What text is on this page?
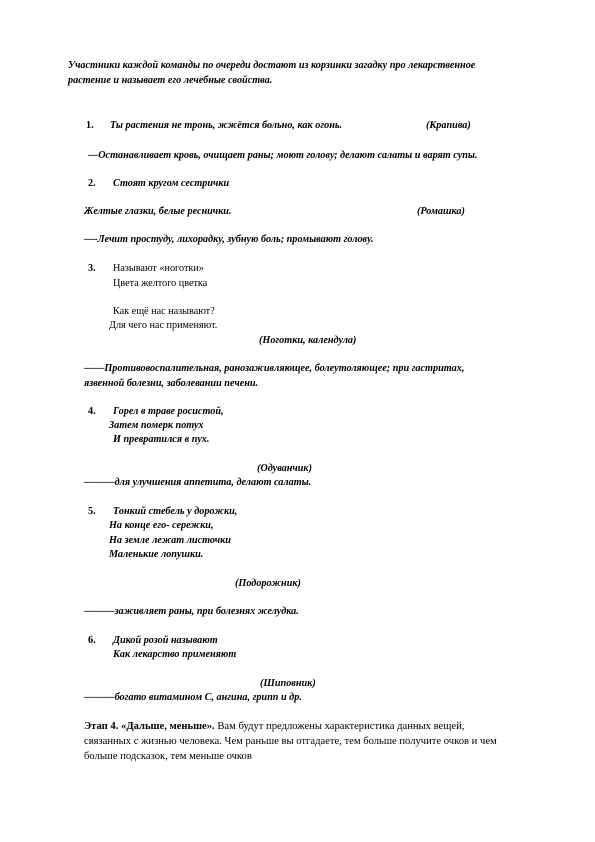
Участники каждой команды по очереди достают из корзинки загадку про лекарственное
растение и называет его лечебные свойства.
1. Ты растения не тронь, жжётся больно, как огонь.	(Крапива)
—Останавливает кровь, очищает раны; моют голову; делают салаты и варят супы.
2. Стоят кругом сестрички
Желтые глазки, белые реснички.	(Ромашка)
—-Лечит простуду, лихорадку, зубную боль; промывают голову.
3. Называют «ноготки»
Цвета желтого цветка
Как ещё нас называют?
Для чего нас применяют.
(Ноготки, календула)
——Противовоспалительная, ранозаживляющее, болеутоляющее; при гастритах,
язвенной болезни, заболевании печени.
4. Горел в траве росистой,
Затем померк потух
И превратился в пух.
(Одуванчик)
———для улучшения аппетита, делают салаты.
5. Тонкий стебель у дорожки,
На конце его- сережки,
На земле лежат листочки
Маленькие лопушки.
(Подорожник)
———заживляет раны, при болезнях желудка.
6. Дикой розой называют
Как лекарство применяют
(Шиповник)
———богато витамином С, ангина, грипп и др.
Этап 4. «Дальше, меньше». Вам будут предложены характеристика данных вещей,
связанных с жизнью человека. Чем раньше вы отгадаете, тем больше получите очков и чем
больше подсказок, тем меньше очков
